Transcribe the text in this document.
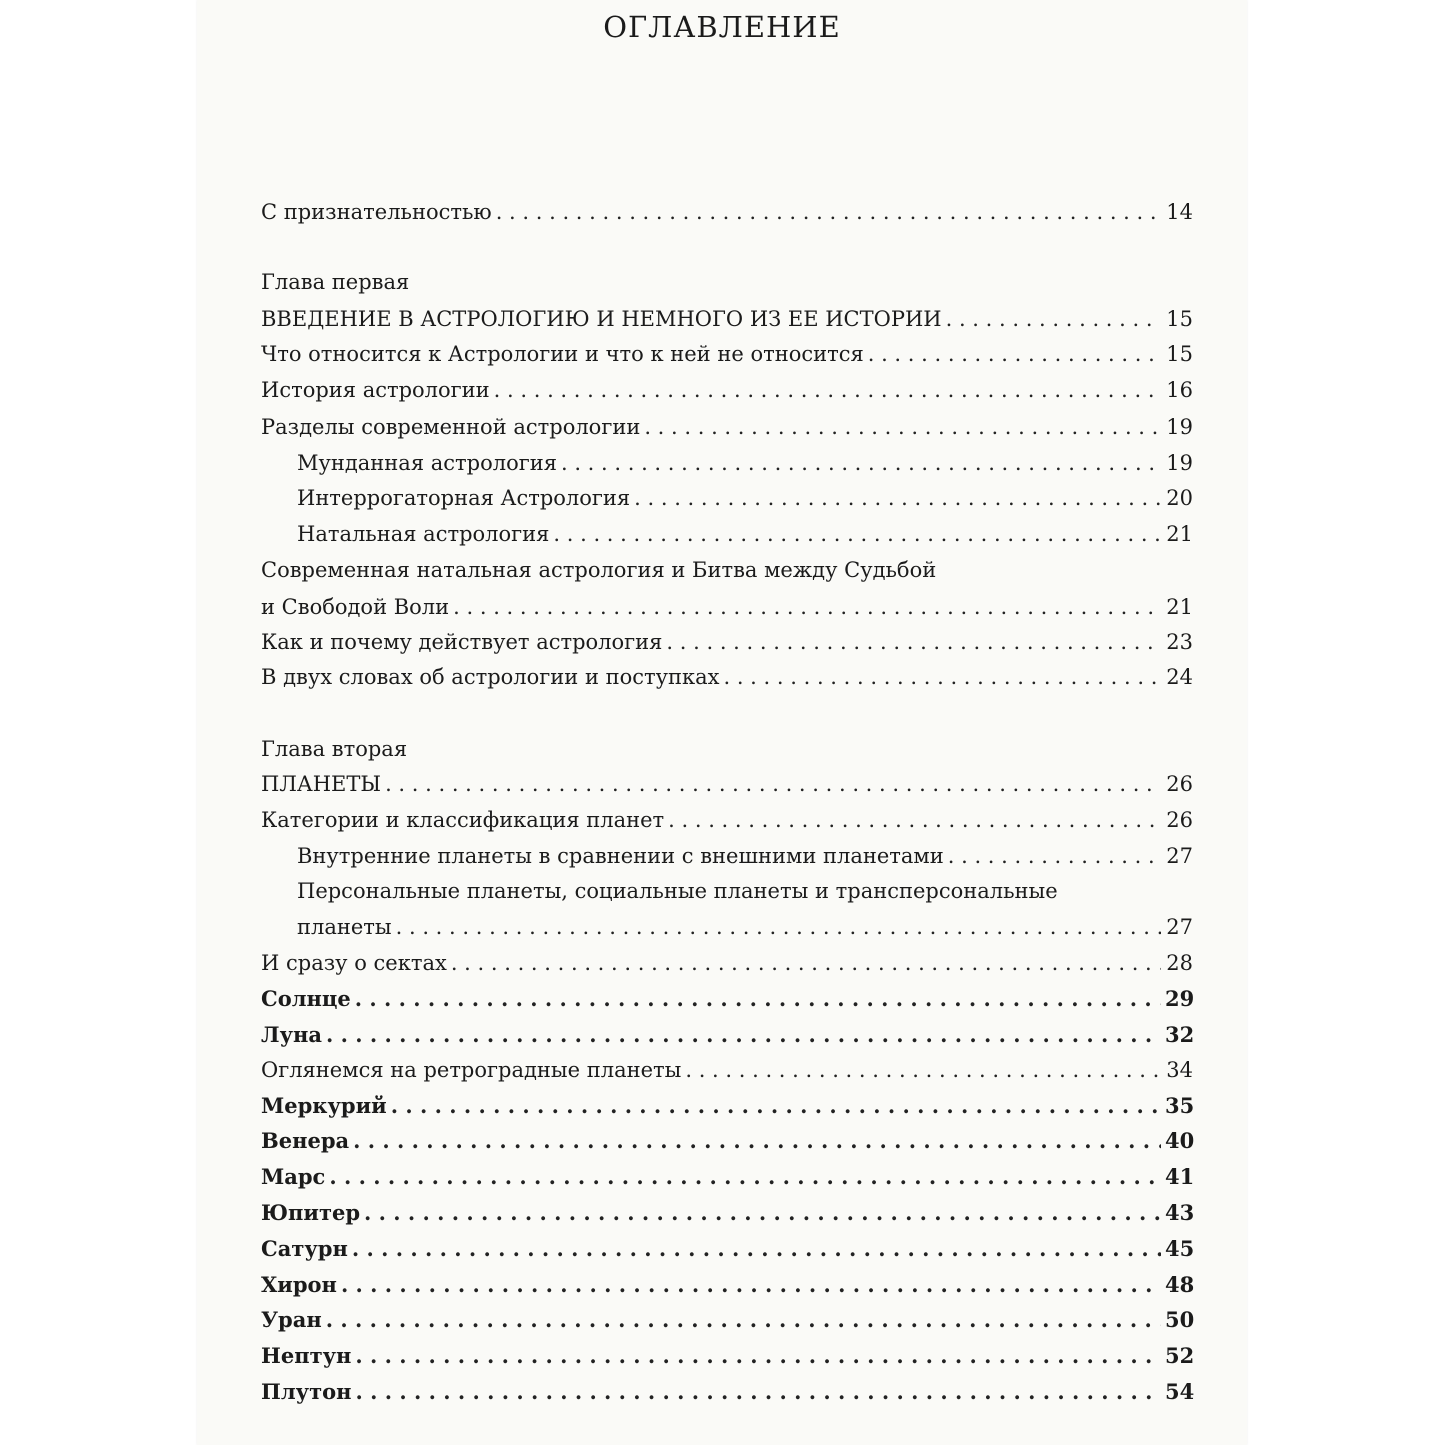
ОГЛАВЛЕНИЕ
С признательностью . . .	14
Глава первая
ВВЕДЕНИЕ В АСТРОЛОГИЮ И НЕМНОГО ИЗ ЕЕ ИСТОРИИ . . .	15
Что относится к Астрологии и что к ней не относится . . .	15
История астрологии . . .	16
Разделы современной астрологии . . .	19
Мунданная астрология . . .	19
Интеррогаторная Астрология . . .	20
Натальная астрология . . .	21
Современная натальная астрология и Битва между Судьбой
и Свободой Воли . . .	21
Как и почему действует астрология . . .	23
В двух словах об астрологии и поступках . . .	24
Глава вторая
ПЛАНЕТЫ . . .	26
Категории и классификация планет . . .	26
Внутренние планеты в сравнении с внешними планетами . . .	27
Персональные планеты, социальные планеты и трансперсональные
планеты . . .	27
И сразу о сектах . . .	28
Солнце . . .	29
Луна . . .	32
Оглянемся на ретроградные планеты . . .	34
Меркурий . . .	35
Венера . . .	40
Марс . . .	41
Юпитер . . .	43
Сатурн . . .	45
Хирон . . .	48
Уран . . .	50
Нептун . . .	52
Плутон . . .	54
